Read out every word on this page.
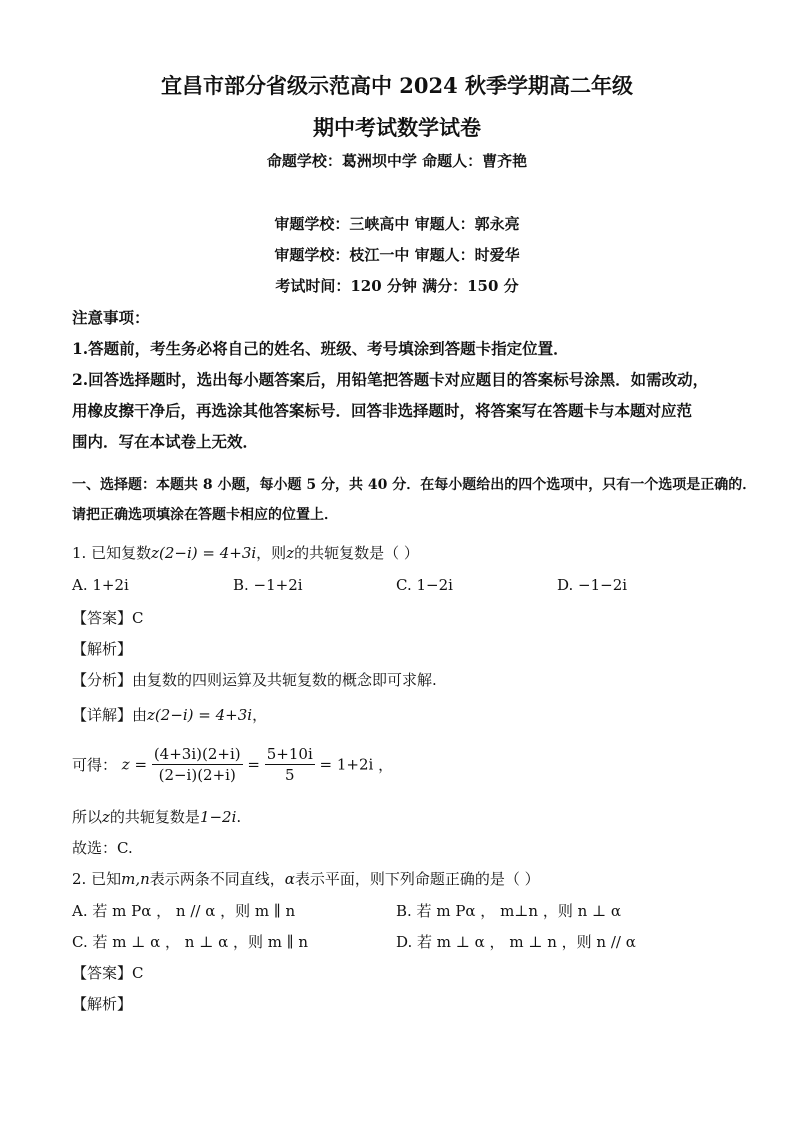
宜昌市部分省级示范高中 2024 秋季学期高二年级
期中考试数学试卷
命题学校：葛洲坝中学 命题人：曹齐艳
审题学校：三峡高中 审题人：郭永亮
审题学校：枝江一中 审题人：时爱华
考试时间：120 分钟 满分：150 分
注意事项：
1.答题前，考生务必将自己的姓名、班级、考号填涂到答题卡指定位置．
2.回答选择题时，选出每小题答案后，用铅笔把答题卡对应题目的答案标号涂黑．如需改动，
用橡皮擦干净后，再选涂其他答案标号．回答非选择题时，将答案写在答题卡与本题对应范
围内．写在本试卷上无效．
一、选择题：本题共 8 小题，每小题 5 分，共 40 分．在每小题给出的四个选项中，只有一个选项是正确的．
请把正确选项填涂在答题卡相应的位置上．
1. 已知复数z(2−i) = 4+3i，则z的共轭复数是（ ）
A. 1+2i	B. −1+2i	C. 1−2i	D. −1−2i
【答案】C
【解析】
【分析】由复数的四则运算及共轭复数的概念即可求解.
【详解】由z(2−i) = 4+3i，
可得： $z = \frac{(4+3i)(2+i)}{(2-i)(2+i)} = \frac{5+10i}{5} = 1+2i$ ，
所以z的共轭复数是1−2i.
故选：C.
2. 已知m,n表示两条不同直线，α表示平面，则下列命题正确的是（ ）
A. 若 m Pα ， n // α ，则 m ∥ n	B. 若 m Pα ， m⊥n ，则 n ⊥ α
C. 若 m ⊥ α ， n ⊥ α ，则 m ∥ n	D. 若 m ⊥ α ， m ⊥ n ，则 n // α
【答案】C
【解析】
